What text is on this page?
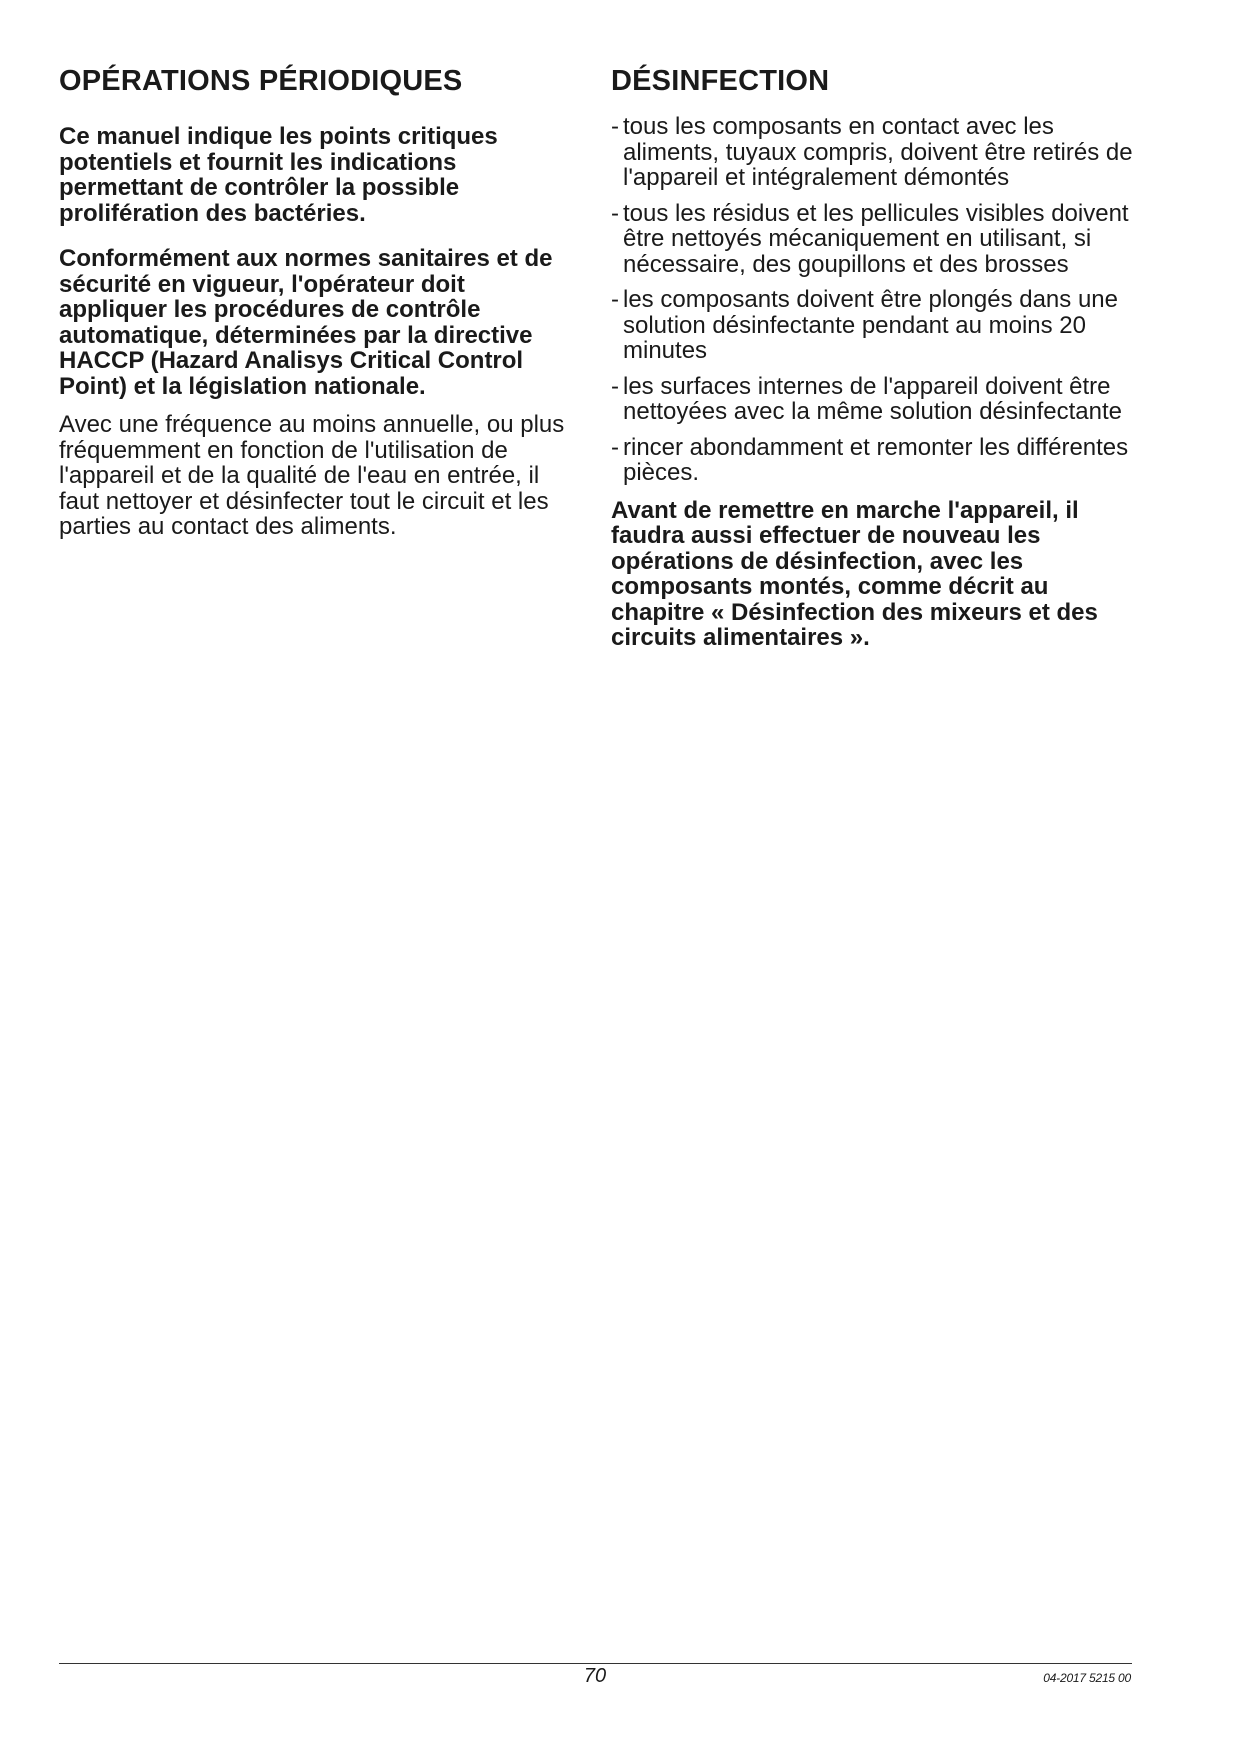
OPÉRATIONS PÉRIODIQUES

Ce manuel indique les points critiques potentiels et fournit les indications permettant de contrôler la possible prolifération des bactéries.

Conformément aux normes sanitaires et de sécurité en vigueur, l'opérateur doit appliquer les procédures de contrôle automatique, déterminées par la directive HACCP (Hazard Analisys Critical Control Point) et la législation nationale.

Avec une fréquence au moins annuelle, ou plus fréquemment en fonction de l'utilisation de l'appareil et de la qualité de l'eau en entrée, il faut nettoyer et désinfecter tout le circuit et les parties au contact des aliments.

DÉSINFECTION
- tous les composants en contact avec les aliments, tuyaux compris, doivent être retirés de l'appareil et intégralement démontés
- tous les résidus et les pellicules visibles doivent être nettoyés mécaniquement en utilisant, si nécessaire, des goupillons et des brosses
- les composants doivent être plongés dans une solution désinfectante pendant au moins 20 minutes
- les surfaces internes de l'appareil doivent être nettoyées avec la même solution désinfectante
- rincer abondamment et remonter les différentes pièces.

Avant de remettre en marche l'appareil, il faudra aussi effectuer de nouveau les opérations de désinfection, avec les composants montés, comme décrit au chapitre « Désinfection des mixeurs et des circuits alimentaires ».

70	04-2017 5215 00
